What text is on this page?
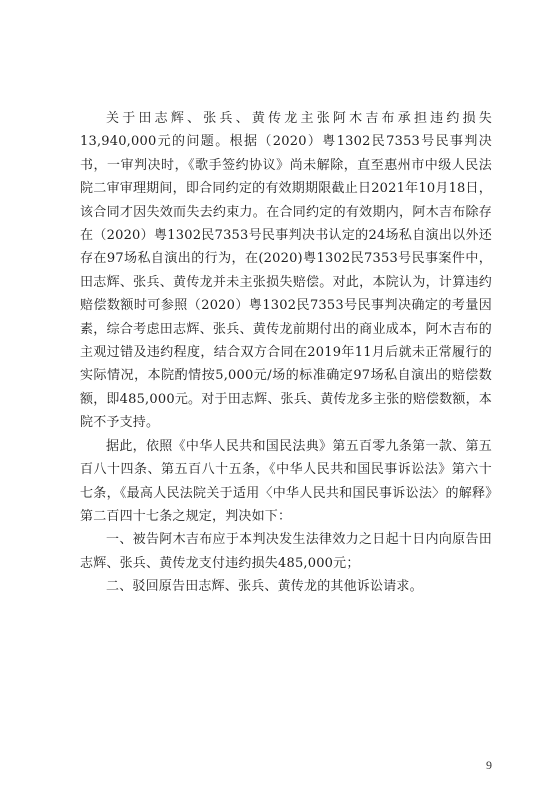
关于田志辉、张兵、黄传龙主张阿木吉布承担违约损失13,940,000元的问题。根据（2020）粤1302民7353号民事判决书，一审判决时，《歌手签约协议》尚未解除，直至惠州市中级人民法院二审审理期间，即合同约定的有效期期限截止日2021年10月18日，该合同才因失效而失去约束力。在合同约定的有效期内，阿木吉布除存在（2020）粤1302民7353号民事判决书认定的24场私自演出以外还存在97场私自演出的行为，在(2020)粤1302民7353号民事案件中，田志辉、张兵、黄传龙并未主张损失赔偿。对此，本院认为，计算违约赔偿数额时可参照（2020）粤1302民7353号民事判决确定的考量因素，综合考虑田志辉、张兵、黄传龙前期付出的商业成本，阿木吉布的主观过错及违约程度，结合双方合同在2019年11月后就未正常履行的实际情况，本院酌情按5,000元/场的标准确定97场私自演出的赔偿数额，即485,000元。对于田志辉、张兵、黄传龙多主张的赔偿数额，本院不予支持。

据此，依照《中华人民共和国民法典》第五百零九条第一款、第五百八十四条、第五百八十五条，《中华人民共和国民事诉讼法》第六十七条，《最高人民法院关于适用〈中华人民共和国民事诉讼法〉的解释》第二百四十七条之规定，判决如下：

一、被告阿木吉布应于本判决发生法律效力之日起十日内向原告田志辉、张兵、黄传龙支付违约损失485,000元；

二、驳回原告田志辉、张兵、黄传龙的其他诉讼请求。

9
